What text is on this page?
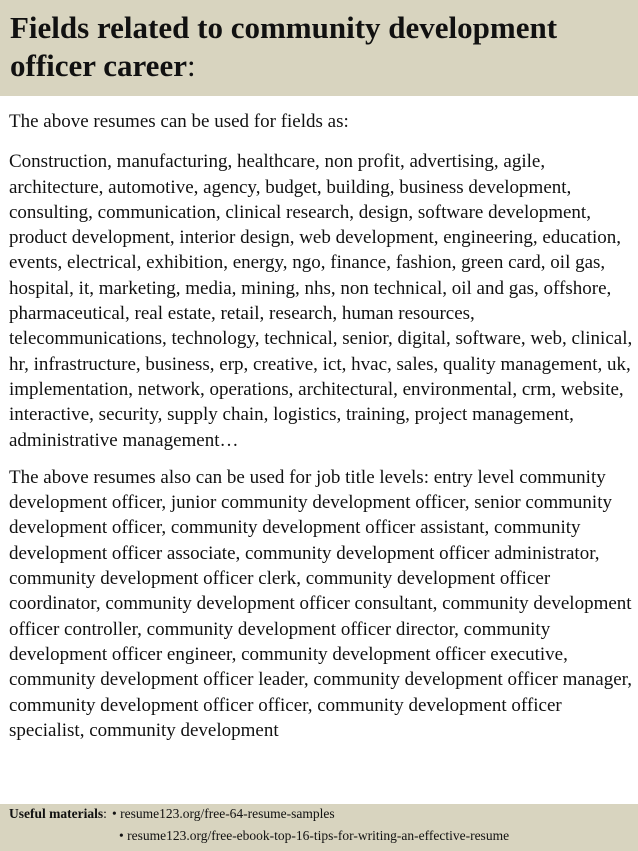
Fields related to community development officer career:

The above resumes can be used for fields as:

Construction, manufacturing, healthcare, non profit, advertising, agile, architecture, automotive, agency, budget, building, business development, consulting, communication, clinical research, design, software development, product development, interior design, web development, engineering, education, events, electrical, exhibition, energy, ngo, finance, fashion, green card, oil gas, hospital, it, marketing, media, mining, nhs, non technical, oil and gas, offshore, pharmaceutical, real estate, retail, research, human resources, telecommunications, technology, technical, senior, digital, software, web, clinical, hr, infrastructure, business, erp, creative, ict, hvac, sales, quality management, uk, implementation, network, operations, architectural, environmental, crm, website, interactive, security, supply chain, logistics, training, project management, administrative management…

The above resumes also can be used for job title levels: entry level community development officer, junior community development officer, senior community development officer, community development officer assistant, community development officer associate, community development officer administrator, community development officer clerk, community development officer coordinator, community development officer consultant, community development officer controller, community development officer director, community development officer engineer, community development officer executive, community development officer leader, community development officer manager, community development officer officer, community development officer specialist, community development

Useful materials: • resume123.org/free-64-resume-samples
• resume123.org/free-ebook-top-16-tips-for-writing-an-effective-resume
